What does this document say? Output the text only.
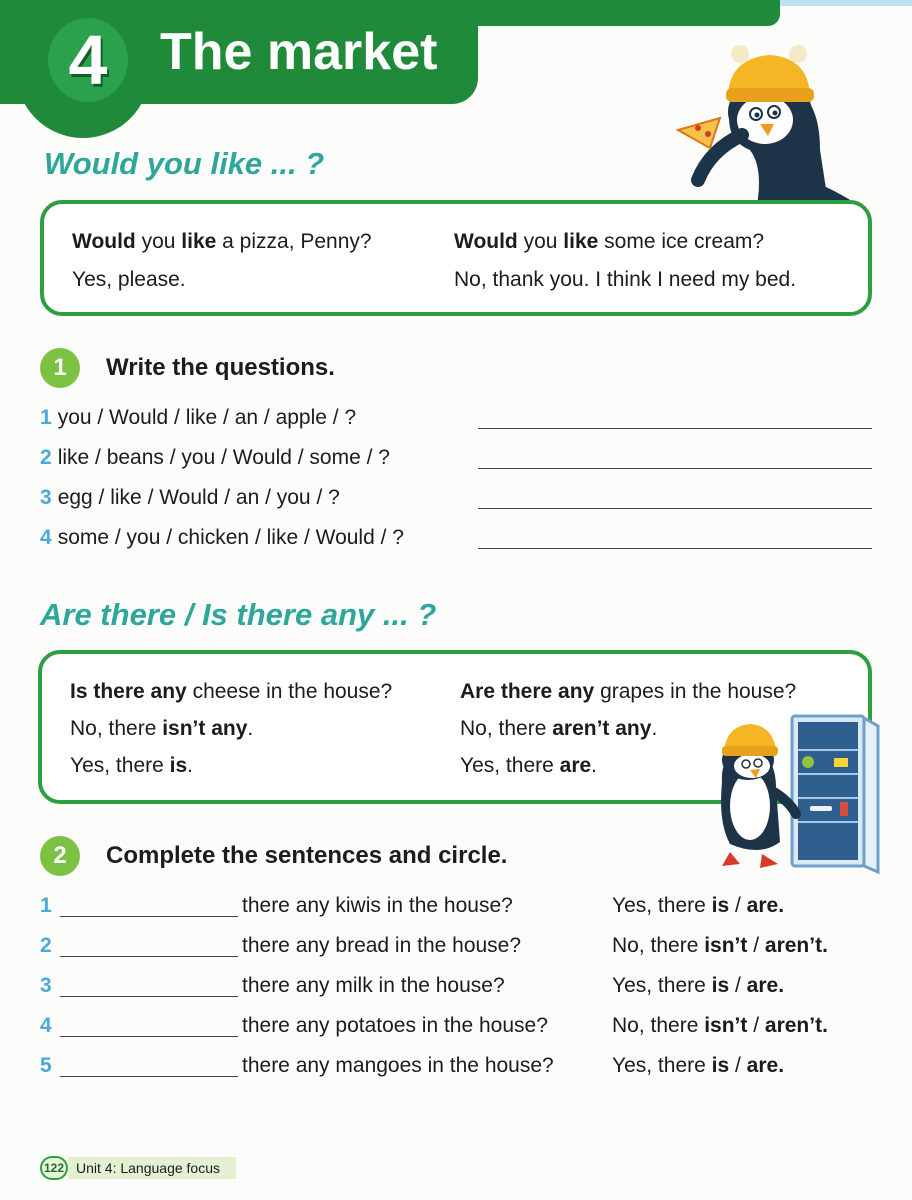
4	The market
Would you like ... ?
Would you like a pizza, Penny?
Yes, please.
Would you like some ice cream?
No, thank you. I think I need my bed.
1	Write the questions.
1 you / Would / like / an / apple / ?
2 like / beans / you / Would / some / ?
3 egg / like / Would / an / you / ?
4 some / you / chicken / like / Would / ?
Are there / Is there any ... ?
Is there any cheese in the house?
No, there isn’t any.
Yes, there is.
Are there any grapes in the house?
No, there aren’t any.
Yes, there are.
2	Complete the sentences and circle.
1	there any kiwis in the house?	Yes, there is / are.
2	there any bread in the house?	No, there isn’t / aren’t.
3	there any milk in the house?	Yes, there is / are.
4	there any potatoes in the house?	No, there isn’t / aren’t.
5	there any mangoes in the house?	Yes, there is / are.
122 Unit 4: Language focus
